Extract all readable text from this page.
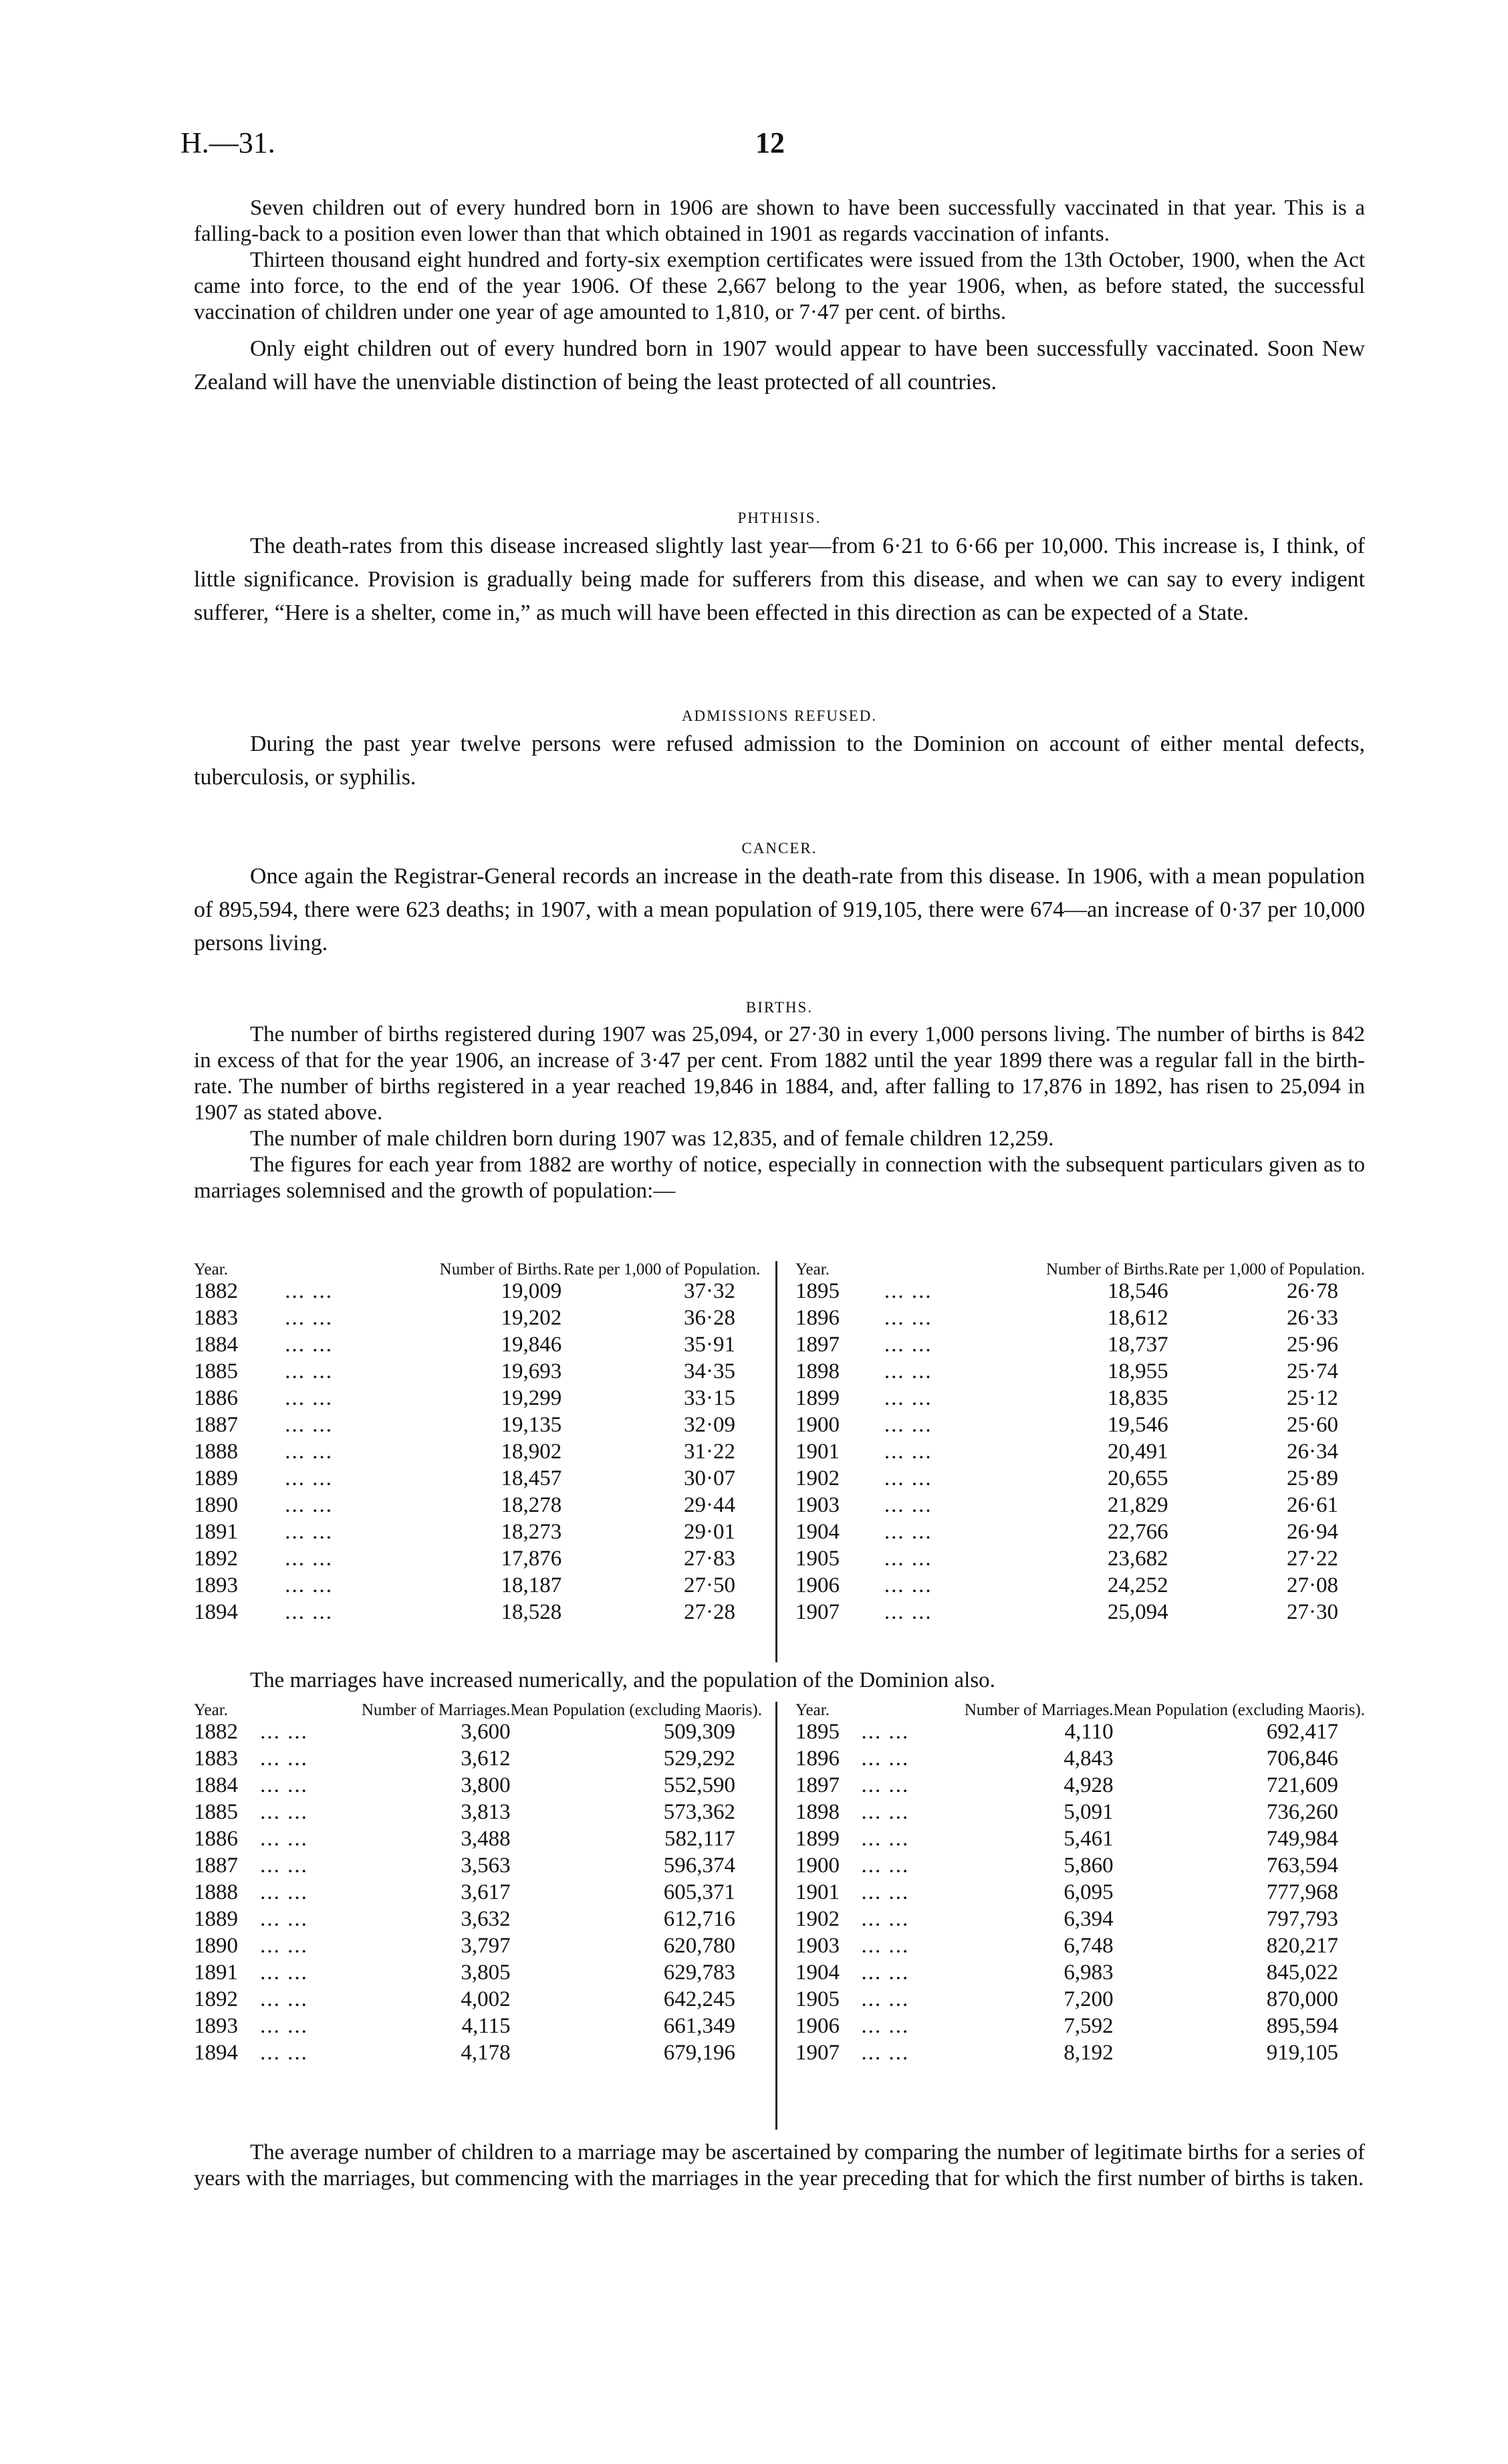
H.—31.	12

Seven children out of every hundred born in 1906 are shown to have been successfully vaccinated in that year. This is a falling-back to a position even lower than that which obtained in 1901 as regards vaccination of infants.

Thirteen thousand eight hundred and forty-six exemption certificates were issued from the 13th October, 1900, when the Act came into force, to the end of the year 1906. Of these 2,667 belong to the year 1906, when, as before stated, the successful vaccination of children under one year of age amounted to 1,810, or 7·47 per cent. of births.

Only eight children out of every hundred born in 1907 would appear to have been successfully vaccinated. Soon New Zealand will have the unenviable distinction of being the least protected of all countries.

PHTHISIS.

The death-rates from this disease increased slightly last year—from 6·21 to 6·66 per 10,000. This increase is, I think, of little significance. Provision is gradually being made for sufferers from this disease, and when we can say to every indigent sufferer, “Here is a shelter, come in,” as much will have been effected in this direction as can be expected of a State.

ADMISSIONS REFUSED.

During the past year twelve persons were refused admission to the Dominion on account of either mental defects, tuberculosis, or syphilis.

CANCER.

Once again the Registrar-General records an increase in the death-rate from this disease. In 1906, with a mean population of 895,594, there were 623 deaths; in 1907, with a mean population of 919,105, there were 674—an increase of 0·37 per 10,000 persons living.

BIRTHS.

The number of births registered during 1907 was 25,094, or 27·30 in every 1,000 persons living. The number of births is 842 in excess of that for the year 1906, an increase of 3·47 per cent. From 1882 until the year 1899 there was a regular fall in the birth-rate. The number of births registered in a year reached 19,846 in 1884, and, after falling to 17,876 in 1892, has risen to 25,094 in 1907 as stated above.

The number of male children born during 1907 was 12,835, and of female children 12,259.

The figures for each year from 1882 are worthy of notice, especially in connection with the subsequent particulars given as to marriages solemnised and the growth of population:—

Year.		Number of Births.	Rate per 1,000 of Population.
1882	... ...	19,009	37·32
1883	... ...	19,202	36·28
1884	... ...	19,846	35·91
1885	... ...	19,693	34·35
1886	... ...	19,299	33·15
1887	... ...	19,135	32·09
1888	... ...	18,902	31·22
1889	... ...	18,457	30·07
1890	... ...	18,278	29·44
1891	... ...	18,273	29·01
1892	... ...	17,876	27·83
1893	... ...	18,187	27·50
1894	... ...	18,528	27·28
Year.		Number of Births.	Rate per 1,000 of Population.
1895	... ...	18,546	26·78
1896	... ...	18,612	26·33
1897	... ...	18,737	25·96
1898	... ...	18,955	25·74
1899	... ...	18,835	25·12
1900	... ...	19,546	25·60
1901	... ...	20,491	26·34
1902	... ...	20,655	25·89
1903	... ...	21,829	26·61
1904	... ...	22,766	26·94
1905	... ...	23,682	27·22
1906	... ...	24,252	27·08
1907	... ...	25,094	27·30

The marriages have increased numerically, and the population of the Dominion also.

Year.		Number of Marriages.	Mean Population (excluding Maoris).
1882	... ...	3,600	509,309
1883	... ...	3,612	529,292
1884	... ...	3,800	552,590
1885	... ...	3,813	573,362
1886	... ...	3,488	582,117
1887	... ...	3,563	596,374
1888	... ...	3,617	605,371
1889	... ...	3,632	612,716
1890	... ...	3,797	620,780
1891	... ...	3,805	629,783
1892	... ...	4,002	642,245
1893	... ...	4,115	661,349
1894	... ...	4,178	679,196
Year.		Number of Marriages.	Mean Population (excluding Maoris).
1895	... ...	4,110	692,417
1896	... ...	4,843	706,846
1897	... ...	4,928	721,609
1898	... ...	5,091	736,260
1899	... ...	5,461	749,984
1900	... ...	5,860	763,594
1901	... ...	6,095	777,968
1902	... ...	6,394	797,793
1903	... ...	6,748	820,217
1904	... ...	6,983	845,022
1905	... ...	7,200	870,000
1906	... ...	7,592	895,594
1907	... ...	8,192	919,105

The average number of children to a marriage may be ascertained by comparing the number of legitimate births for a series of years with the marriages, but commencing with the marriages in the year preceding that for which the first number of births is taken.
